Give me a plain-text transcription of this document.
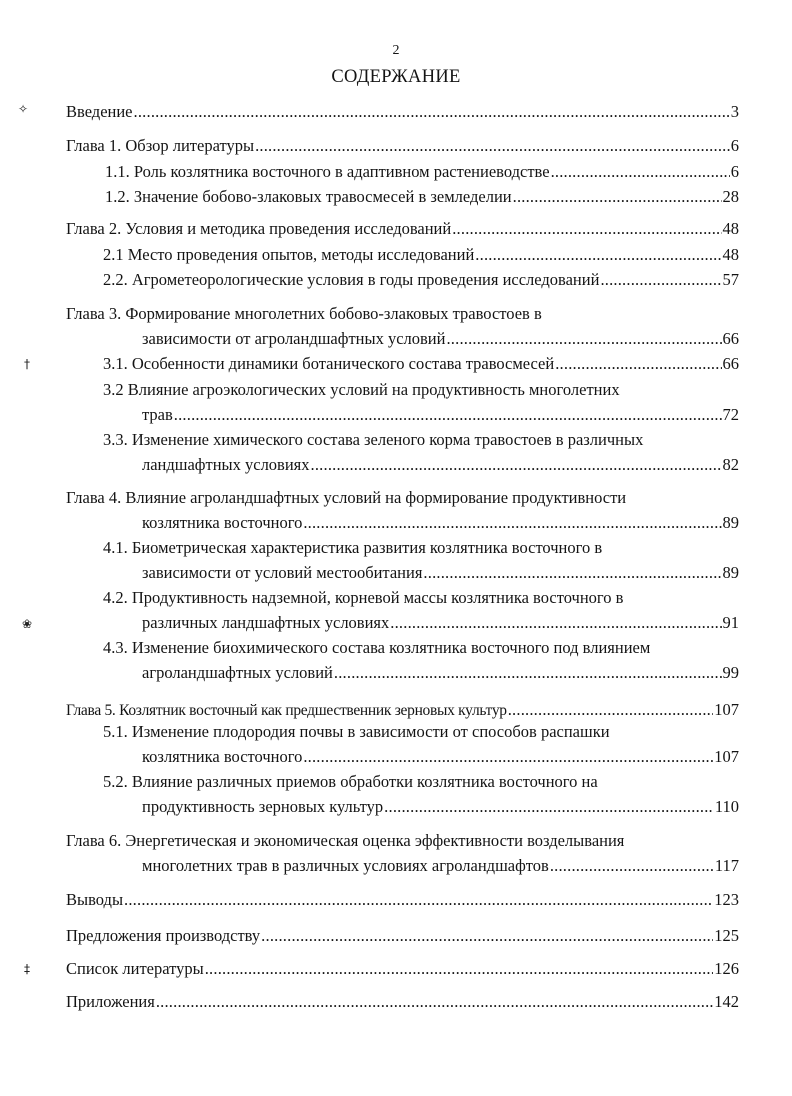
2
СОДЕРЖАНИЕ
✧
†
❀
‡
Введение .....	3
Глава 1. Обзор литературы .....	6
1.1. Роль козлятника восточного в адаптивном растениеводстве .....	6
1.2. Значение бобово-злаковых травосмесей в земледелии .....	28
Глава 2. Условия и методика проведения исследований .....	48
2.1 Место проведения опытов, методы исследований .....	48
2.2. Агрометеорологические условия в годы проведения исследований .....	57
Глава 3. Формирование многолетних бобово-злаковых травостоев в
зависимости от агроландшафтных условий .....	66
3.1. Особенности динамики ботанического состава травосмесей .....	66
3.2 Влияние агроэкологических условий на продуктивность многолетних
трав .....	72
3.3. Изменение химического состава зеленого корма травостоев в различных
ландшафтных условиях .....	82
Глава 4. Влияние агроландшафтных условий на формирование продуктивности
козлятника восточного .....	89
4.1. Биометрическая характеристика развития козлятника восточного в
зависимости от условий местообитания .....	89
4.2. Продуктивность надземной, корневой массы козлятника восточного в
различных ландшафтных условиях .....	91
4.3. Изменение биохимического состава козлятника восточного под влиянием
агроландшафтных условий .....	99
Глава 5. Козлятник восточный как предшественник зерновых культур .....	107
5.1. Изменение плодородия почвы в зависимости от способов распашки
козлятника восточного .....	107
5.2. Влияние различных приемов обработки козлятника восточного на
продуктивность зерновых культур .....	110
Глава 6. Энергетическая и экономическая оценка эффективности возделывания
многолетних трав в различных условиях агроландшафтов .....	117
Выводы .....	123
Предложения производству .....	125
Список литературы .....	126
Приложения .....	142
